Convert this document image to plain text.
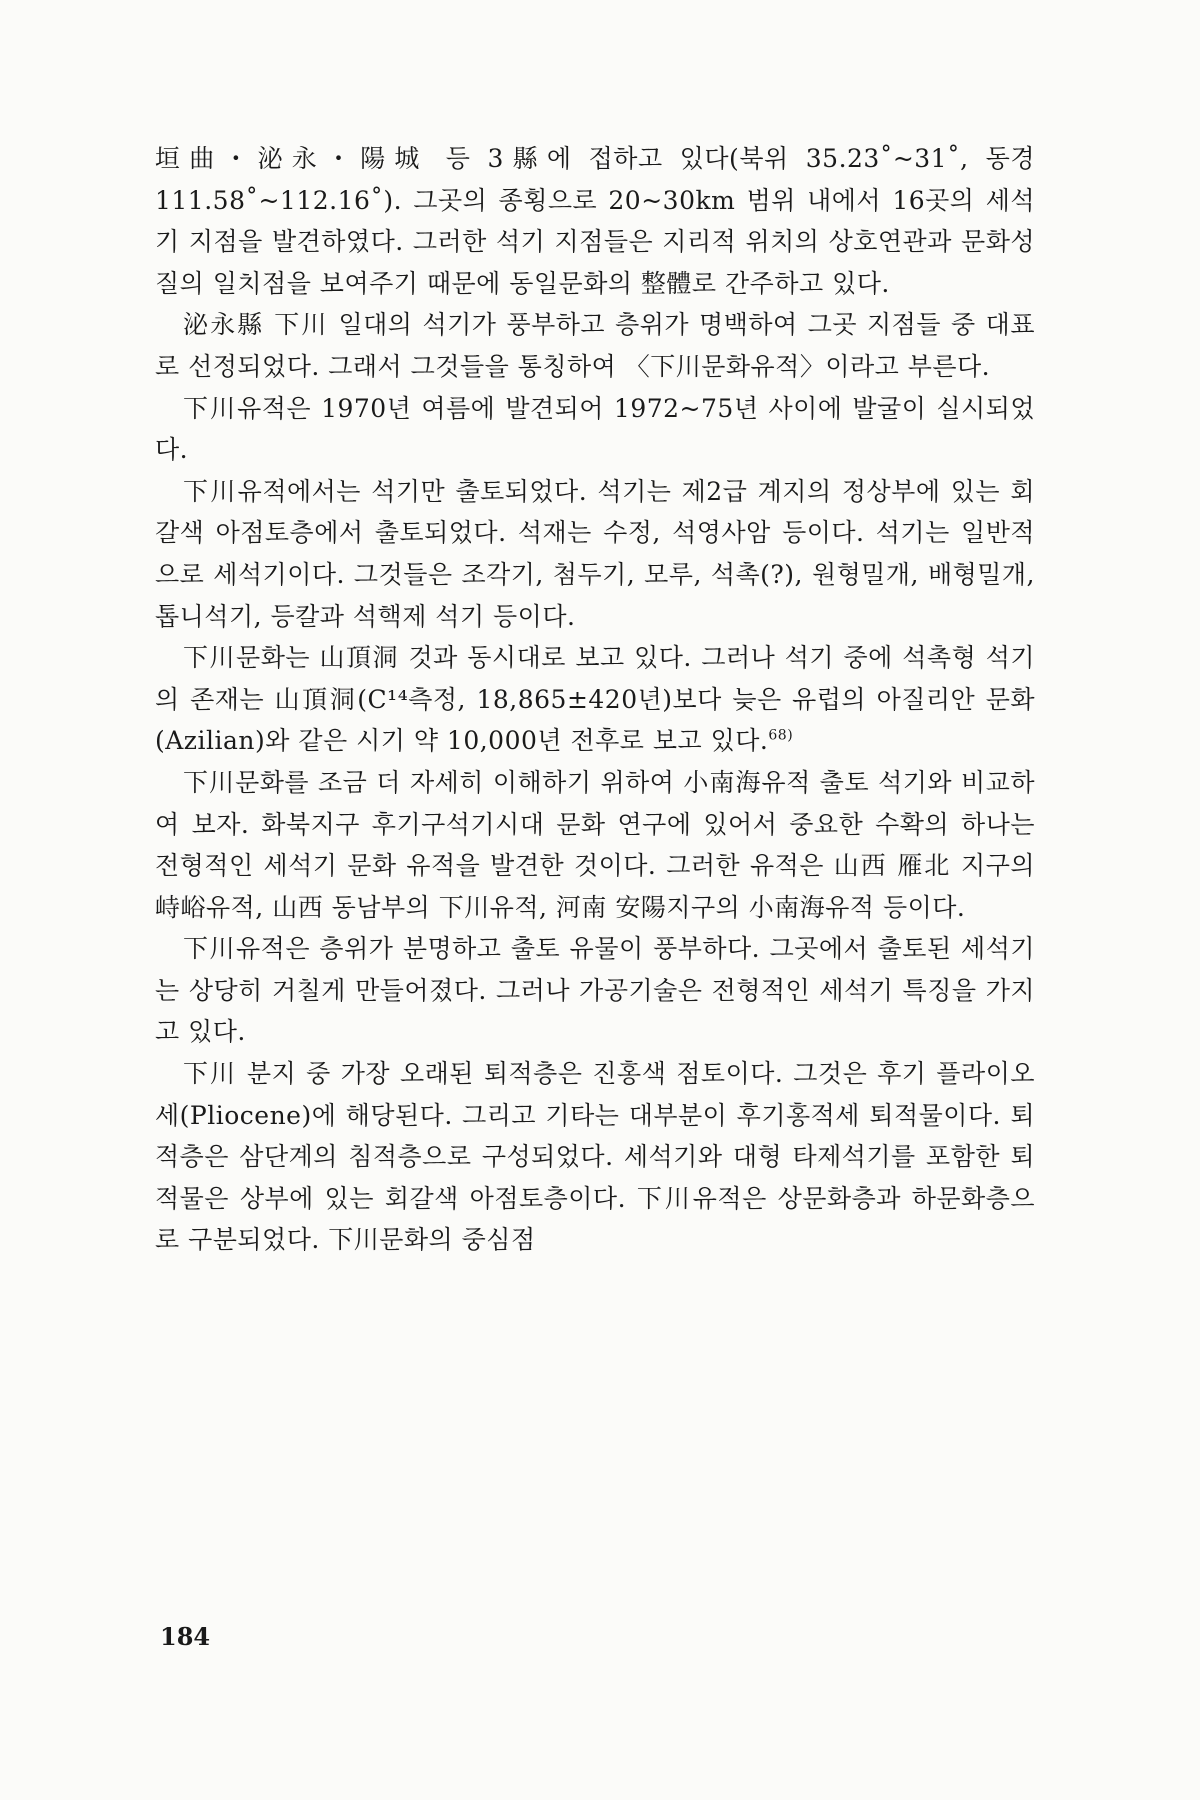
垣曲・泌永・陽城 등 3縣에 접하고 있다(북위 35.23˚~31˚, 동경 111.58˚~112.16˚). 그곳의 종횡으로 20~30km 범위 내에서 16곳의 세석기 지점을 발견하였다. 그러한 석기 지점들은 지리적 위치의 상호연관과 문화성질의 일치점을 보여주기 때문에 동일문화의 整體로 간주하고 있다.

泌永縣 下川 일대의 석기가 풍부하고 층위가 명백하여 그곳 지점들 중 대표로 선정되었다. 그래서 그것들을 통칭하여 〈下川문화유적〉이라고 부른다.

下川유적은 1970년 여름에 발견되어 1972~75년 사이에 발굴이 실시되었다.

下川유적에서는 석기만 출토되었다. 석기는 제2급 계지의 정상부에 있는 회갈색 아점토층에서 출토되었다. 석재는 수정, 석영사암 등이다. 석기는 일반적으로 세석기이다. 그것들은 조각기, 첨두기, 모루, 석촉(?), 원형밀개, 배형밀개, 톱니석기, 등칼과 석핵제 석기 등이다.

下川문화는 山頂洞 것과 동시대로 보고 있다. 그러나 석기 중에 석촉형 석기의 존재는 山頂洞(C¹⁴측정, 18,865±420년)보다 늦은 유럽의 아질리안 문화(Azilian)와 같은 시기 약 10,000년 전후로 보고 있다.$^{68)}$

下川문화를 조금 더 자세히 이해하기 위하여 小南海유적 출토 석기와 비교하여 보자. 화북지구 후기구석기시대 문화 연구에 있어서 중요한 수확의 하나는 전형적인 세석기 문화 유적을 발견한 것이다. 그러한 유적은 山西 雁北 지구의 峙峪유적, 山西 동남부의 下川유적, 河南 安陽지구의 小南海유적 등이다.

下川유적은 층위가 분명하고 출토 유물이 풍부하다. 그곳에서 출토된 세석기는 상당히 거칠게 만들어졌다. 그러나 가공기술은 전형적인 세석기 특징을 가지고 있다.

下川 분지 중 가장 오래된 퇴적층은 진홍색 점토이다. 그것은 후기 플라이오세(Pliocene)에 해당된다. 그리고 기타는 대부분이 후기홍적세 퇴적물이다. 퇴적층은 삼단계의 침적층으로 구성되었다. 세석기와 대형 타제석기를 포함한 퇴적물은 상부에 있는 회갈색 아점토층이다. 下川유적은 상문화층과 하문화층으로 구분되었다. 下川문화의 중심점

184
